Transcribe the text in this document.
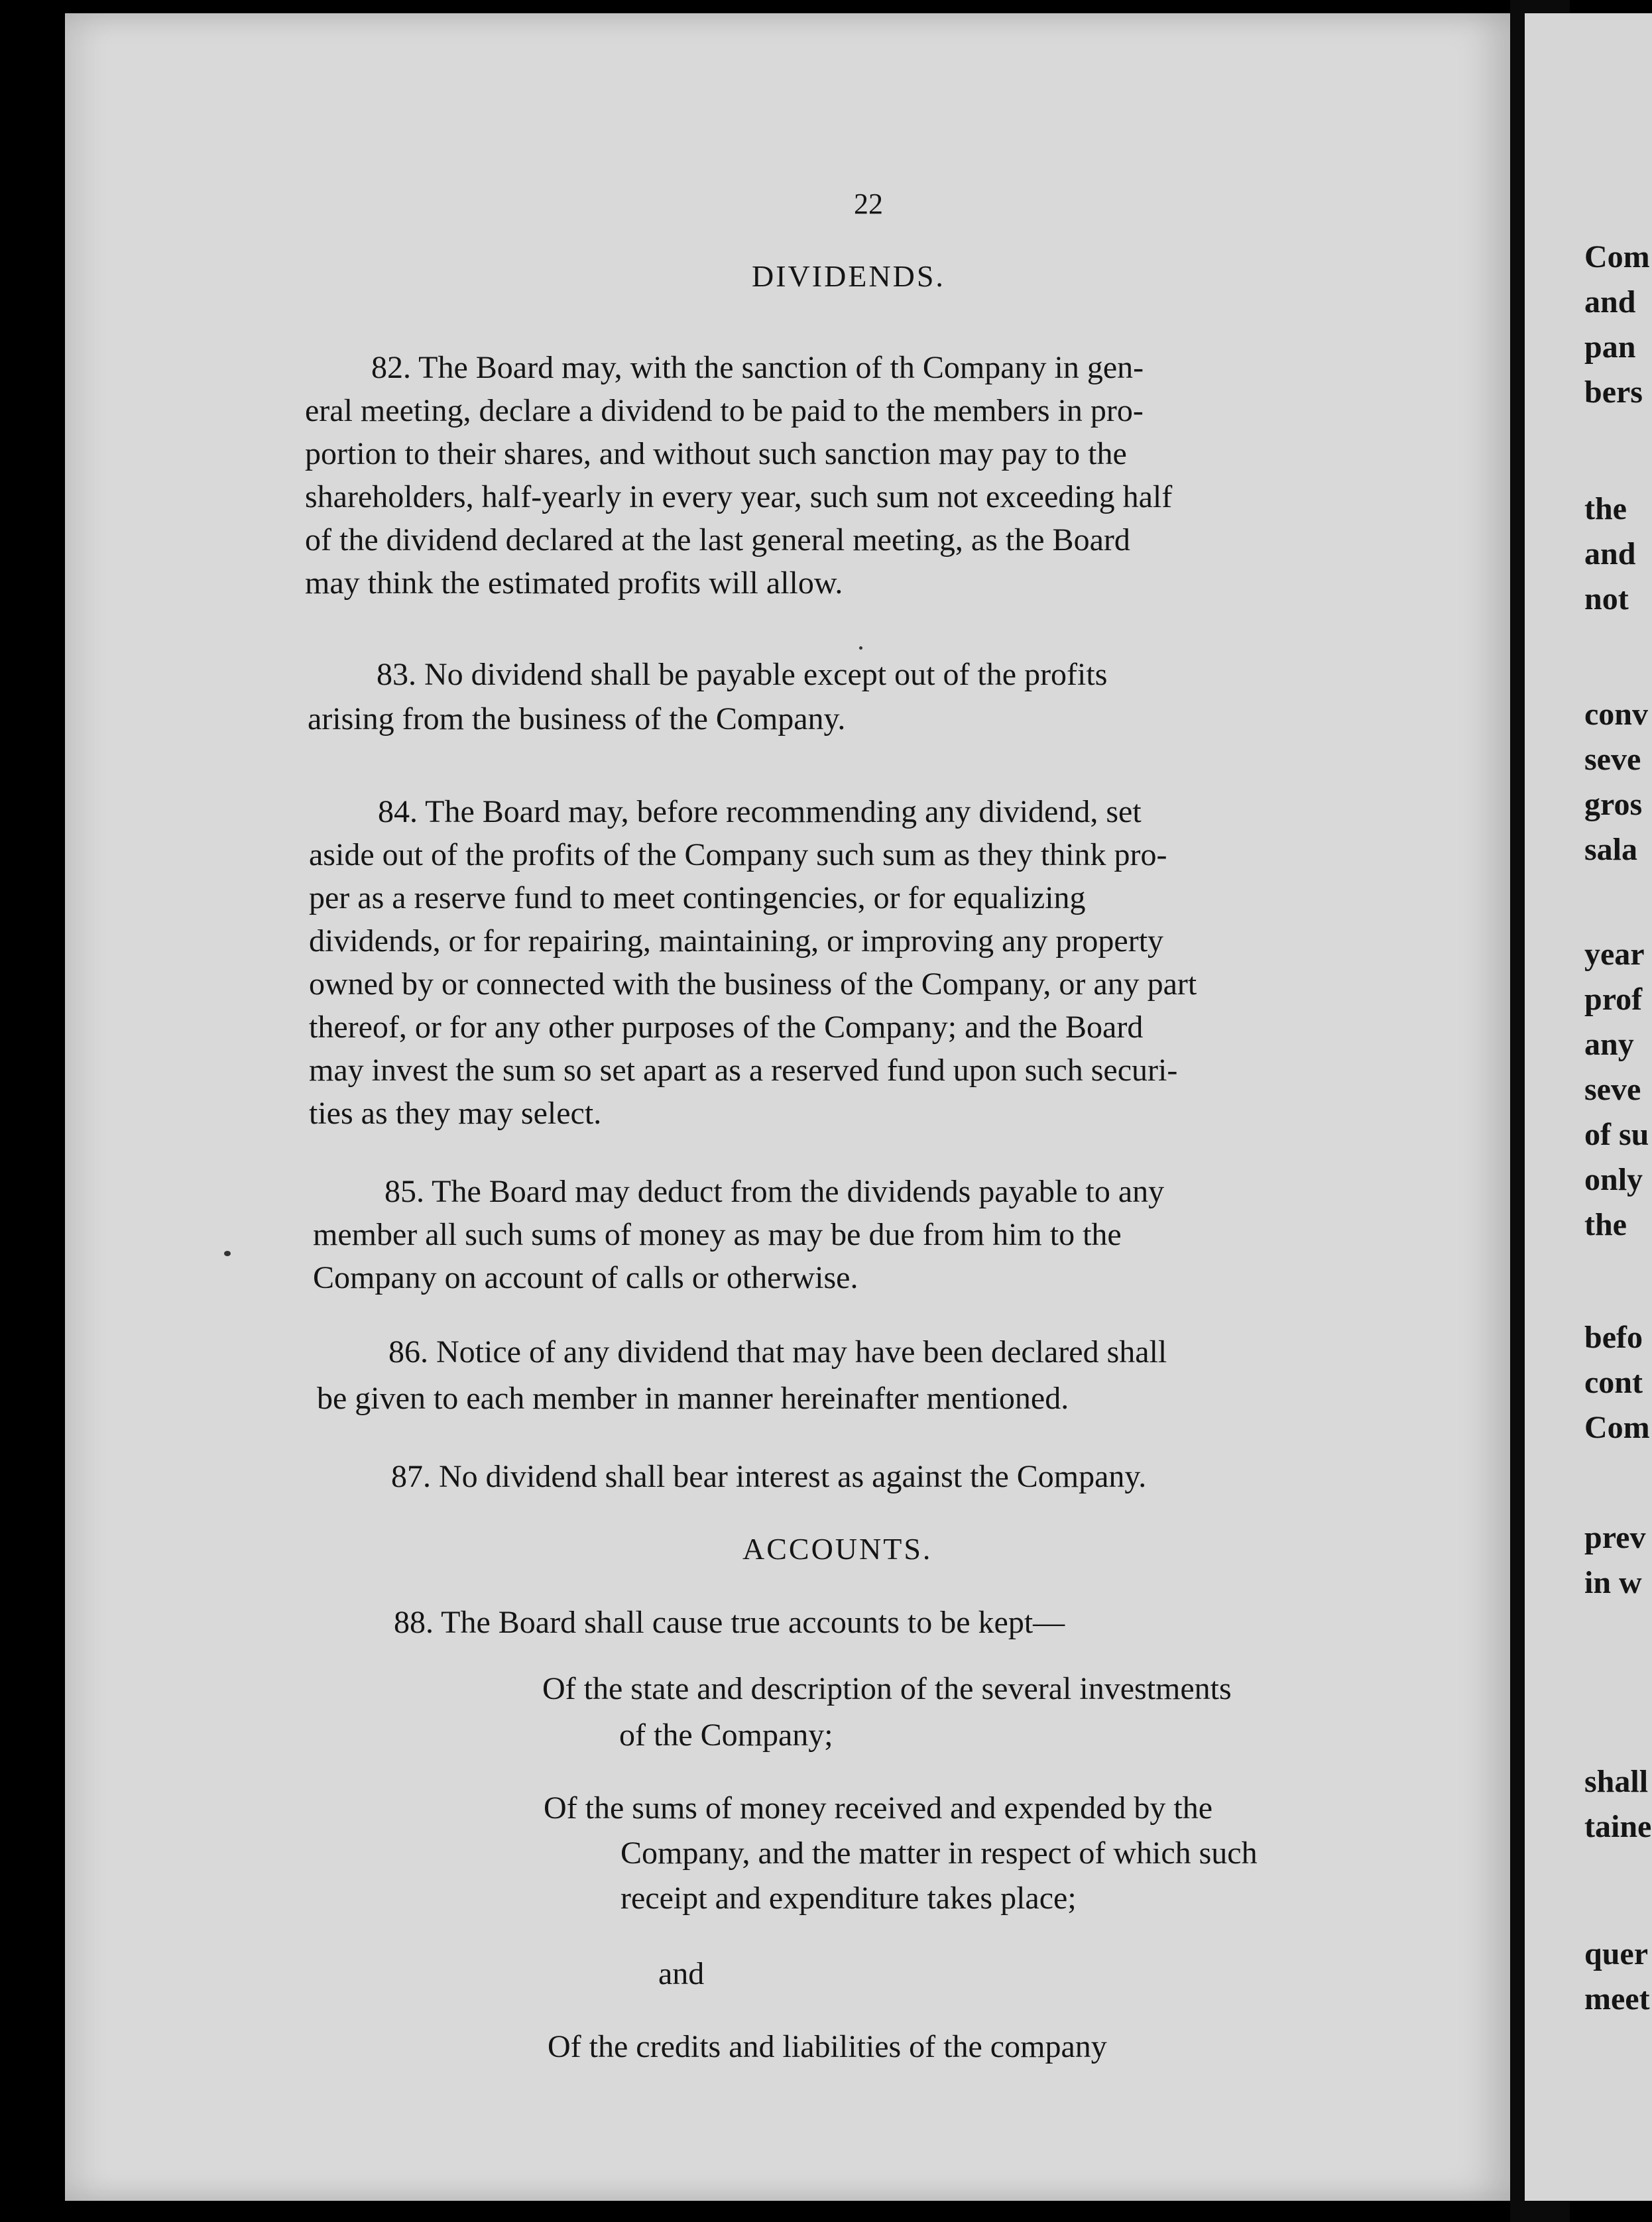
22
DIVIDENDS.
82. The Board may, with the sanction of th Company in gen-
eral meeting, declare a dividend to be paid to the members in pro-
portion to their shares, and without such sanction may pay to the
shareholders, half-yearly in every year, such sum not exceeding half
of the dividend declared at the last general meeting, as the Board
may think the estimated profits will allow.
83. No dividend shall be payable except out of the profits
arising from the business of the Company.
84. The Board may, before recommending any dividend, set
aside out of the profits of the Company such sum as they think pro-
per as a reserve fund to meet contingencies, or for equalizing
dividends, or for repairing, maintaining, or improving any property
owned by or connected with the business of the Company, or any part
thereof, or for any other purposes of the Company; and the Board
may invest the sum so set apart as a reserved fund upon such securi-
ties as they may select.
85. The Board may deduct from the dividends payable to any
member all such sums of money as may be due from him to the
Company on account of calls or otherwise.
86. Notice of any dividend that may have been declared shall
be given to each member in manner hereinafter mentioned.
87. No dividend shall bear interest as against the Company.
ACCOUNTS.
88. The Board shall cause true accounts to be kept—
Of the state and description of the several investments
of the Company;
Of the sums of money received and expended by the
Company, and the matter in respect of which such
receipt and expenditure takes place;
and
Of the credits and liabilities of the company
Com
and
pan
bers
the
and
not
conv
seve
gros
sala
year
prof
any
seve
of su
only
the
befo
cont
Com
prev
in w
shall
taine
quer
meet
